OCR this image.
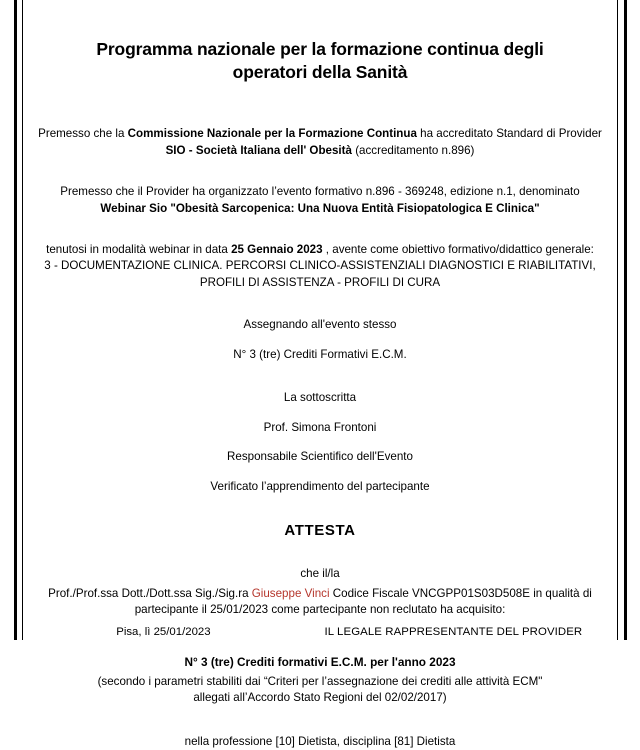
Programma nazionale per la formazione continua degli
operatori della Sanità

Premesso che la Commissione Nazionale per la Formazione Continua ha accreditato Standard di Provider SIO - Società Italiana dell' Obesità (accreditamento n.896)

Premesso che il Provider ha organizzato l’evento formativo n.896 - 369248, edizione n.1, denominato
Webinar Sio "Obesità Sarcopenica: Una Nuova Entità Fisiopatologica E Clinica"

tenutosi in modalità webinar in data 25 Gennaio 2023 , avente come obiettivo formativo/didattico generale:
3 - DOCUMENTAZIONE CLINICA. PERCORSI CLINICO-ASSISTENZIALI DIAGNOSTICI E RIABILITATIVI,
PROFILI DI ASSISTENZA - PROFILI DI CURA

Assegnando all'evento stesso

N° 3 (tre) Crediti Formativi E.C.M.

La sottoscritta

Prof. Simona Frontoni

Responsabile Scientifico dell'Evento

Verificato l’apprendimento del partecipante

ATTESTA

che il/la

Prof./Prof.ssa Dott./Dott.ssa Sig./Sig.ra Giuseppe Vinci Codice Fiscale VNCGPP01S03D508E in qualità di
partecipante il 25/01/2023 come partecipante non reclutato ha acquisito:

N° 3 (tre) Crediti formativi E.C.M. per l'anno 2023

(secondo i parametri stabiliti dai “Criteri per l’assegnazione dei crediti alle attività ECM"
allegati all’Accordo Stato Regioni del 02/02/2017)

nella professione [10] Dietista, disciplina [81] Dietista

Pisa, lì 25/01/2023	IL LEGALE RAPPRESENTANTE DEL PROVIDER
